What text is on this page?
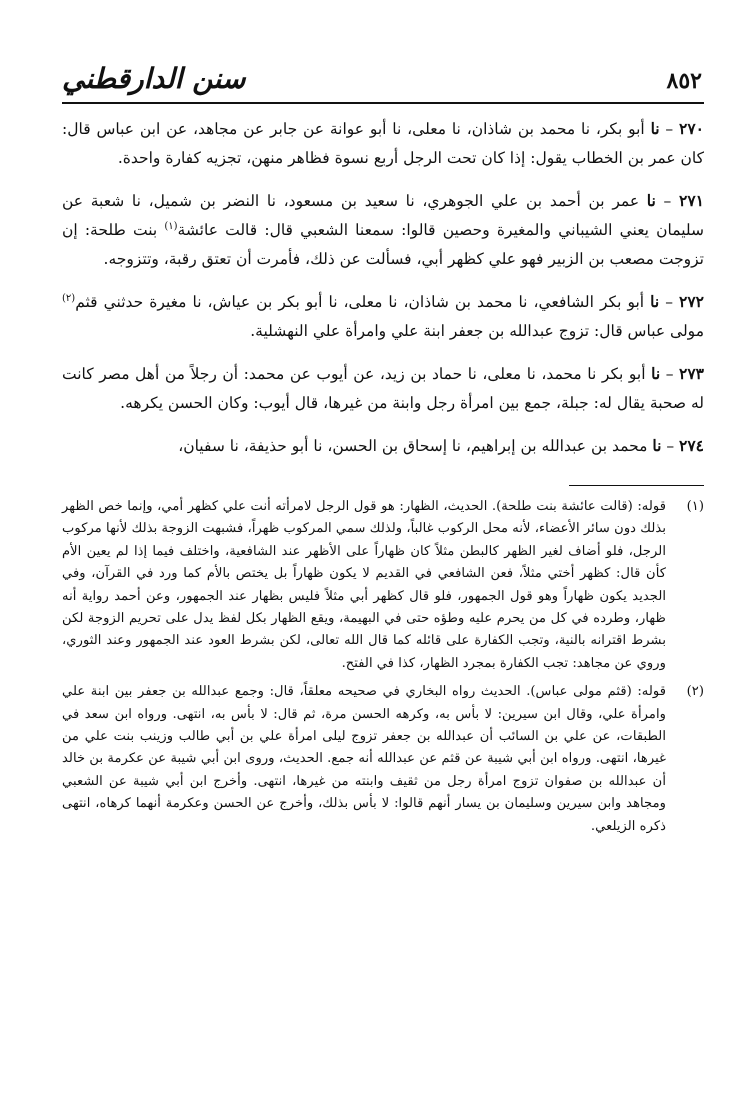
٨٥٢
سنن الدارقطني

٢٧٠ – نا أبو بكر، نا محمد بن شاذان، نا معلى، نا أبو عوانة عن جابر عن مجاهد، عن ابن عباس قال: كان عمر بن الخطاب يقول: إذا كان تحت الرجل أربع نسوة فظاهر منهن، تجزيه كفارة واحدة.

٢٧١ – نا عمر بن أحمد بن علي الجوهري، نا سعيد بن مسعود، نا النضر بن شميل، نا شعبة عن سليمان يعني الشيباني والمغيرة وحصين قالوا: سمعنا الشعبي قال: قالت عائشة$^{(١)}$ بنت طلحة: إن تزوجت مصعب بن الزبير فهو علي كظهر أبي، فسألت عن ذلك، فأمرت أن تعتق رقبة، وتتزوجه.

٢٧٢ – نا أبو بكر الشافعي، نا محمد بن شاذان، نا معلى، نا أبو بكر بن عياش، نا مغيرة حدثني قثم$^{(٢)}$ مولى عباس قال: تزوج عبدالله بن جعفر ابنة علي وامرأة علي النهشلية.

٢٧٣ – نا أبو بكر نا محمد، نا معلى، نا حماد بن زيد، عن أيوب عن محمد: أن رجلاً من أهل مصر كانت له صحبة يقال له: جبلة، جمع بين امرأة رجل وابنة من غيرها، قال أيوب: وكان الحسن يكرهه.

٢٧٤ – نا محمد بن عبدالله بن إبراهيم، نا إسحاق بن الحسن، نا أبو حذيفة، نا سفيان،

(١)
قوله: (قالت عائشة بنت طلحة). الحديث، الظهار: هو قول الرجل لامرأته أنت علي كظهر أمي، وإنما خص الظهر بذلك دون سائر الأعضاء، لأنه محل الركوب غالباً، ولذلك سمي المركوب ظهراً، فشبهت الزوجة بذلك لأنها مركوب الرجل، فلو أضاف لغير الظهر كالبطن مثلاً كان ظهاراً على الأظهر عند الشافعية، واختلف فيما إذا لم يعين الأم كأن قال: كظهر أختي مثلاً، فعن الشافعي في القديم لا يكون ظهاراً بل يختص بالأم كما ورد في القرآن، وفي الجديد يكون ظهاراً وهو قول الجمهور، فلو قال كظهر أبي مثلاً فليس بظهار عند الجمهور، وعن أحمد رواية أنه ظهار، وطرده في كل من يحرم عليه وطؤه حتى في البهيمة، ويقع الظهار بكل لفظ يدل على تحريم الزوجة لكن بشرط اقترانه بالنية، وتجب الكفارة على قائله كما قال الله تعالى، لكن بشرط العود عند الجمهور وعند الثوري، وروي عن مجاهد: تجب الكفارة بمجرد الظهار، كذا في الفتح.
(٢)
قوله: (قثم مولى عباس). الحديث رواه البخاري في صحيحه معلقاً، قال: وجمع عبدالله بن جعفر بين ابنة علي وامرأة علي، وقال ابن سيرين: لا بأس به، وكرهه الحسن مرة، ثم قال: لا بأس به، انتهى. ورواه ابن سعد في الطبقات، عن علي بن السائب أن عبدالله بن جعفر تزوج ليلى امرأة علي بن أبي طالب وزينب بنت علي من غيرها، انتهى. ورواه ابن أبي شيبة عن قثم عن عبدالله أنه جمع. الحديث، وروى ابن أبي شيبة عن عكرمة بن خالد أن عبدالله بن صفوان تزوج امرأة رجل من ثقيف وابنته من غيرها، انتهى. وأخرج ابن أبي شيبة عن الشعبي ومجاهد وابن سيرين وسليمان بن يسار أنهم قالوا: لا بأس بذلك، وأخرج عن الحسن وعكرمة أنهما كرهاه، انتهى ذكره الزيلعي.
